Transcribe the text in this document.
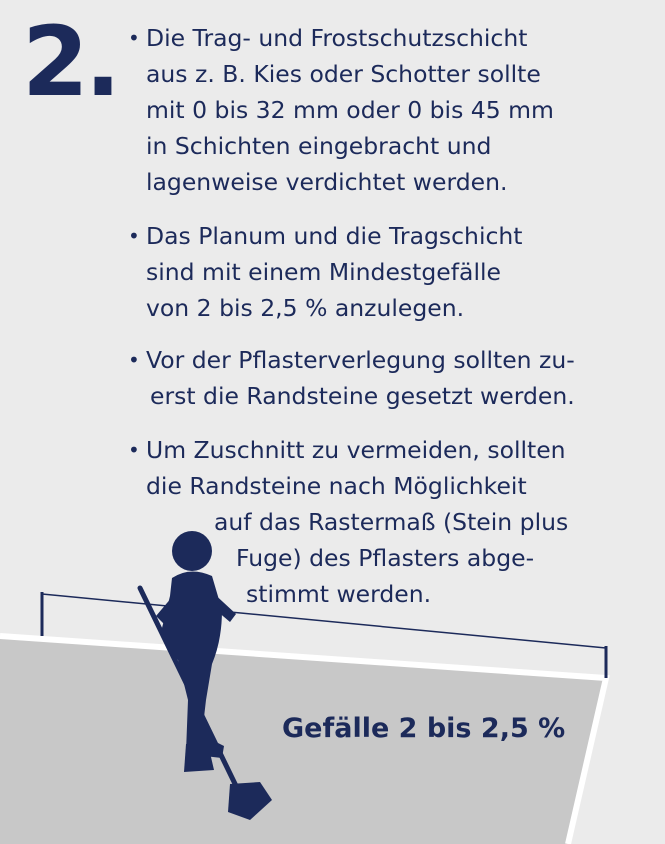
2. • Die Trag- und Frostschutzschicht
aus z. B. Kies oder Schotter sollte
mit 0 bis 32 mm oder 0 bis 45 mm
in Schichten eingebracht und
lagenweise verdichtet werden.
• Das Planum und die Tragschicht
sind mit einem Mindestgefälle
von 2 bis 2,5 % anzulegen.
• Vor der Pflasterverlegung sollten zu-
erst die Randsteine gesetzt werden.
• Um Zuschnitt zu vermeiden, sollten
die Randsteine nach Möglichkeit
auf das Rastermaß (Stein plus
Fuge) des Pflasters abge-
stimmt werden.
Gefälle 2 bis 2,5 %
